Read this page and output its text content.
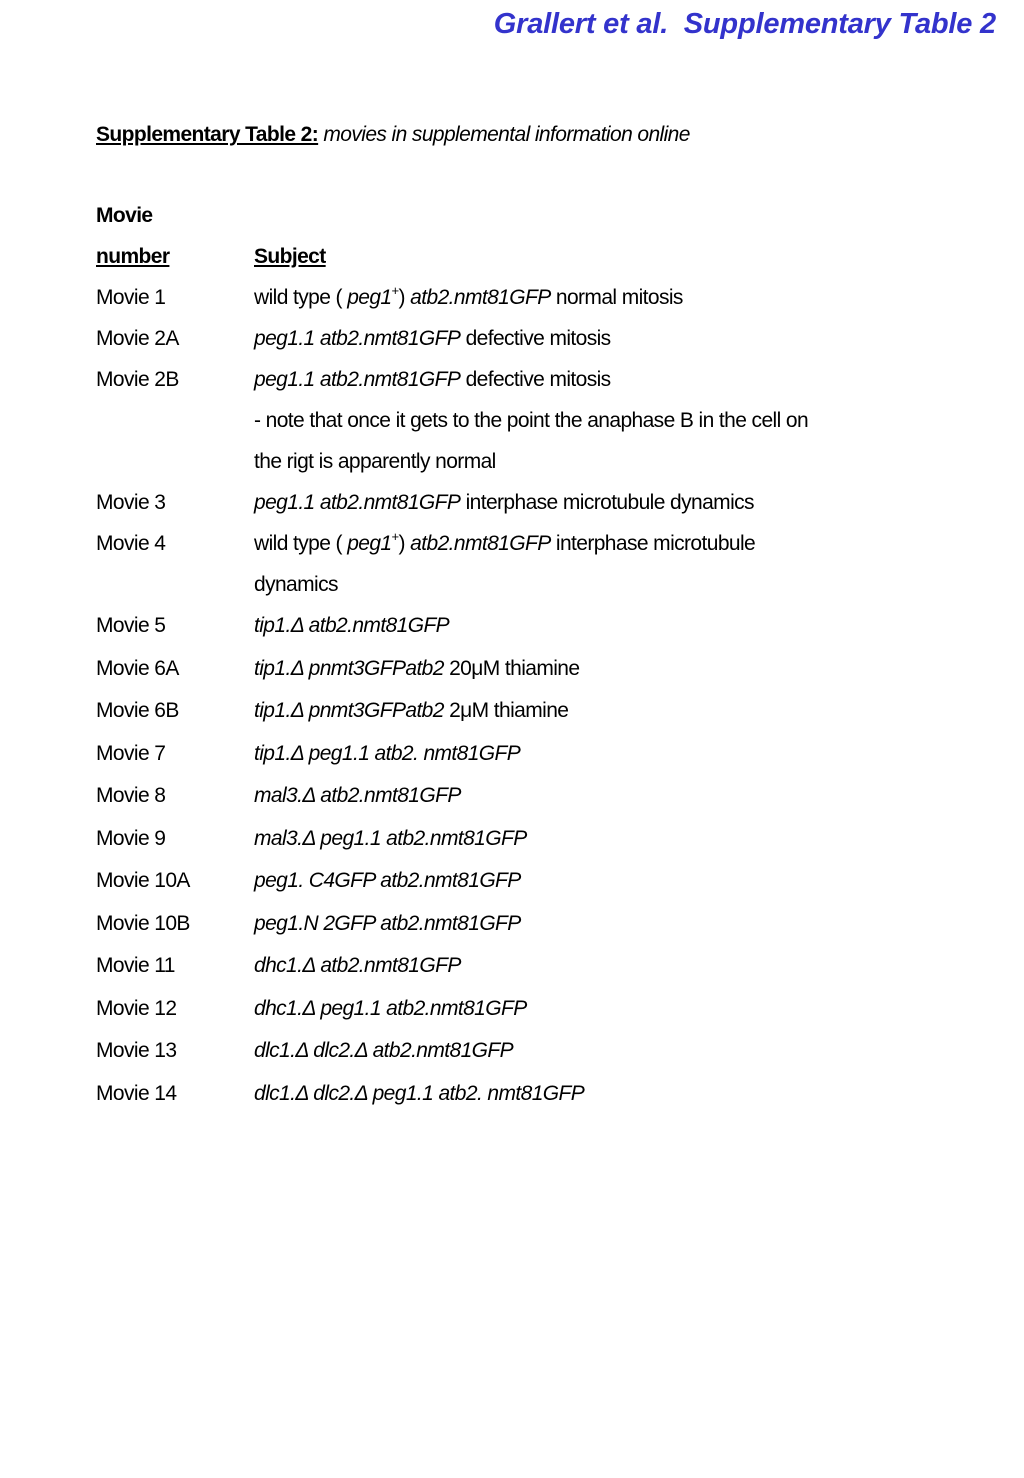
Grallert et al.  Supplementary Table 2
Supplementary Table 2: movies in supplemental information online
Movie
number	Subject
Movie 1	wild type ( peg1+) atb2.nmt81GFP normal mitosis
Movie 2A	peg1.1 atb2.nmt81GFP defective mitosis
Movie 2B	peg1.1 atb2.nmt81GFP defective mitosis
- note that once it gets to the point the anaphase B in the cell on
the rigt is apparently normal
Movie 3	peg1.1 atb2.nmt81GFP interphase microtubule dynamics
Movie 4	wild type ( peg1+) atb2.nmt81GFP interphase microtubule
dynamics
Movie 5	tip1.Δ atb2.nmt81GFP
Movie 6A	tip1.Δ pnmt3GFPatb2 20μM thiamine
Movie 6B	tip1.Δ pnmt3GFPatb2 2μM thiamine
Movie 7	tip1.Δ peg1.1 atb2. nmt81GFP
Movie 8	mal3.Δ atb2.nmt81GFP
Movie 9	mal3.Δ peg1.1 atb2.nmt81GFP
Movie 10A	peg1. C4GFP atb2.nmt81GFP
Movie 10B	peg1.N 2GFP atb2.nmt81GFP
Movie 11	dhc1.Δ atb2.nmt81GFP
Movie 12	dhc1.Δ peg1.1 atb2.nmt81GFP
Movie 13	dlc1.Δ dlc2.Δ atb2.nmt81GFP
Movie 14	dlc1.Δ dlc2.Δ peg1.1 atb2. nmt81GFP
